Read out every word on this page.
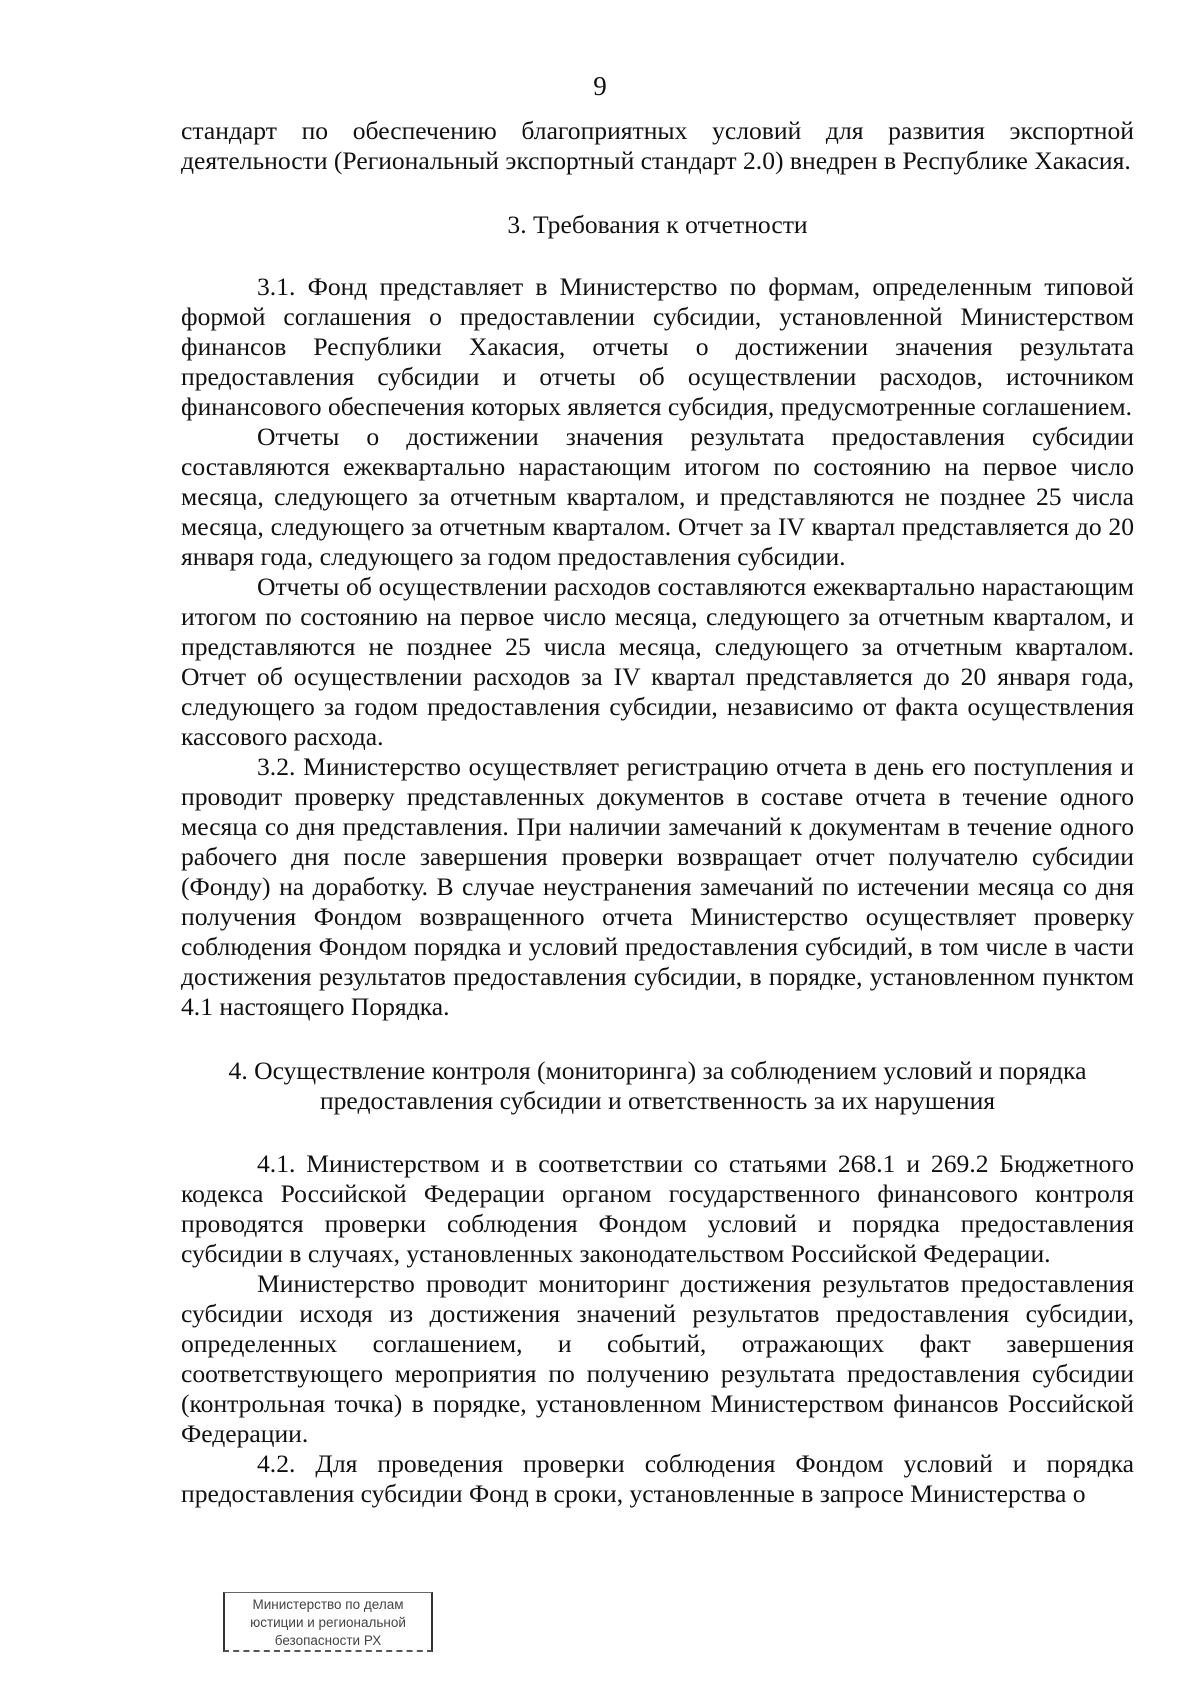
9

стандарт по обеспечению благоприятных условий для развития экспортной деятельности (Региональный экспортный стандарт 2.0) внедрен в Республике Хакасия.

3. Требования к отчетности

3.1. Фонд представляет в Министерство по формам, определенным типовой формой соглашения о предоставлении субсидии, установленной Министерством финансов Республики Хакасия, отчеты о достижении значения результата предоставления субсидии и отчеты об осуществлении расходов, источником финансового обеспечения которых является субсидия, предусмотренные соглашением.

Отчеты о достижении значения результата предоставления субсидии составляются ежеквартально нарастающим итогом по состоянию на первое число месяца, следующего за отчетным кварталом, и представляются не позднее 25 числа месяца, следующего за отчетным кварталом. Отчет за IV квартал представляется до 20 января года, следующего за годом предоставления субсидии.

Отчеты об осуществлении расходов составляются ежеквартально нарастающим итогом по состоянию на первое число месяца, следующего за отчетным кварталом, и представляются не позднее 25 числа месяца, следующего за отчетным кварталом. Отчет об осуществлении расходов за IV квартал представляется до 20 января года, следующего за годом предоставления субсидии, независимо от факта осуществления кассового расхода.

3.2. Министерство осуществляет регистрацию отчета в день его поступления и проводит проверку представленных документов в составе отчета в течение одного месяца со дня представления. При наличии замечаний к документам в течение одного рабочего дня после завершения проверки возвращает отчет получателю субсидии (Фонду) на доработку. В случае неустранения замечаний по истечении месяца со дня получения Фондом возвращенного отчета Министерство осуществляет проверку соблюдения Фондом порядка и условий предоставления субсидий, в том числе в части достижения результатов предоставления субсидии, в порядке, установленном пунктом 4.1 настоящего Порядка.

4. Осуществление контроля (мониторинга) за соблюдением условий и порядка предоставления субсидии и ответственность за их нарушения

4.1. Министерством и в соответствии со статьями 268.1 и 269.2 Бюджетного кодекса Российской Федерации органом государственного финансового контроля проводятся проверки соблюдения Фондом условий и порядка предоставления субсидии в случаях, установленных законодательством Российской Федерации.

Министерство проводит мониторинг достижения результатов предоставления субсидии исходя из достижения значений результатов предоставления субсидии, определенных соглашением, и событий, отражающих факт завершения соответствующего мероприятия по получению результата предоставления субсидии (контрольная точка) в порядке, установленном Министерством финансов Российской Федерации.

4.2. Для проведения проверки соблюдения Фондом условий и порядка предоставления субсидии Фонд в сроки, установленные в запросе Министерства о

Министерство по делам
юстиции и региональной
безопасности РХ
